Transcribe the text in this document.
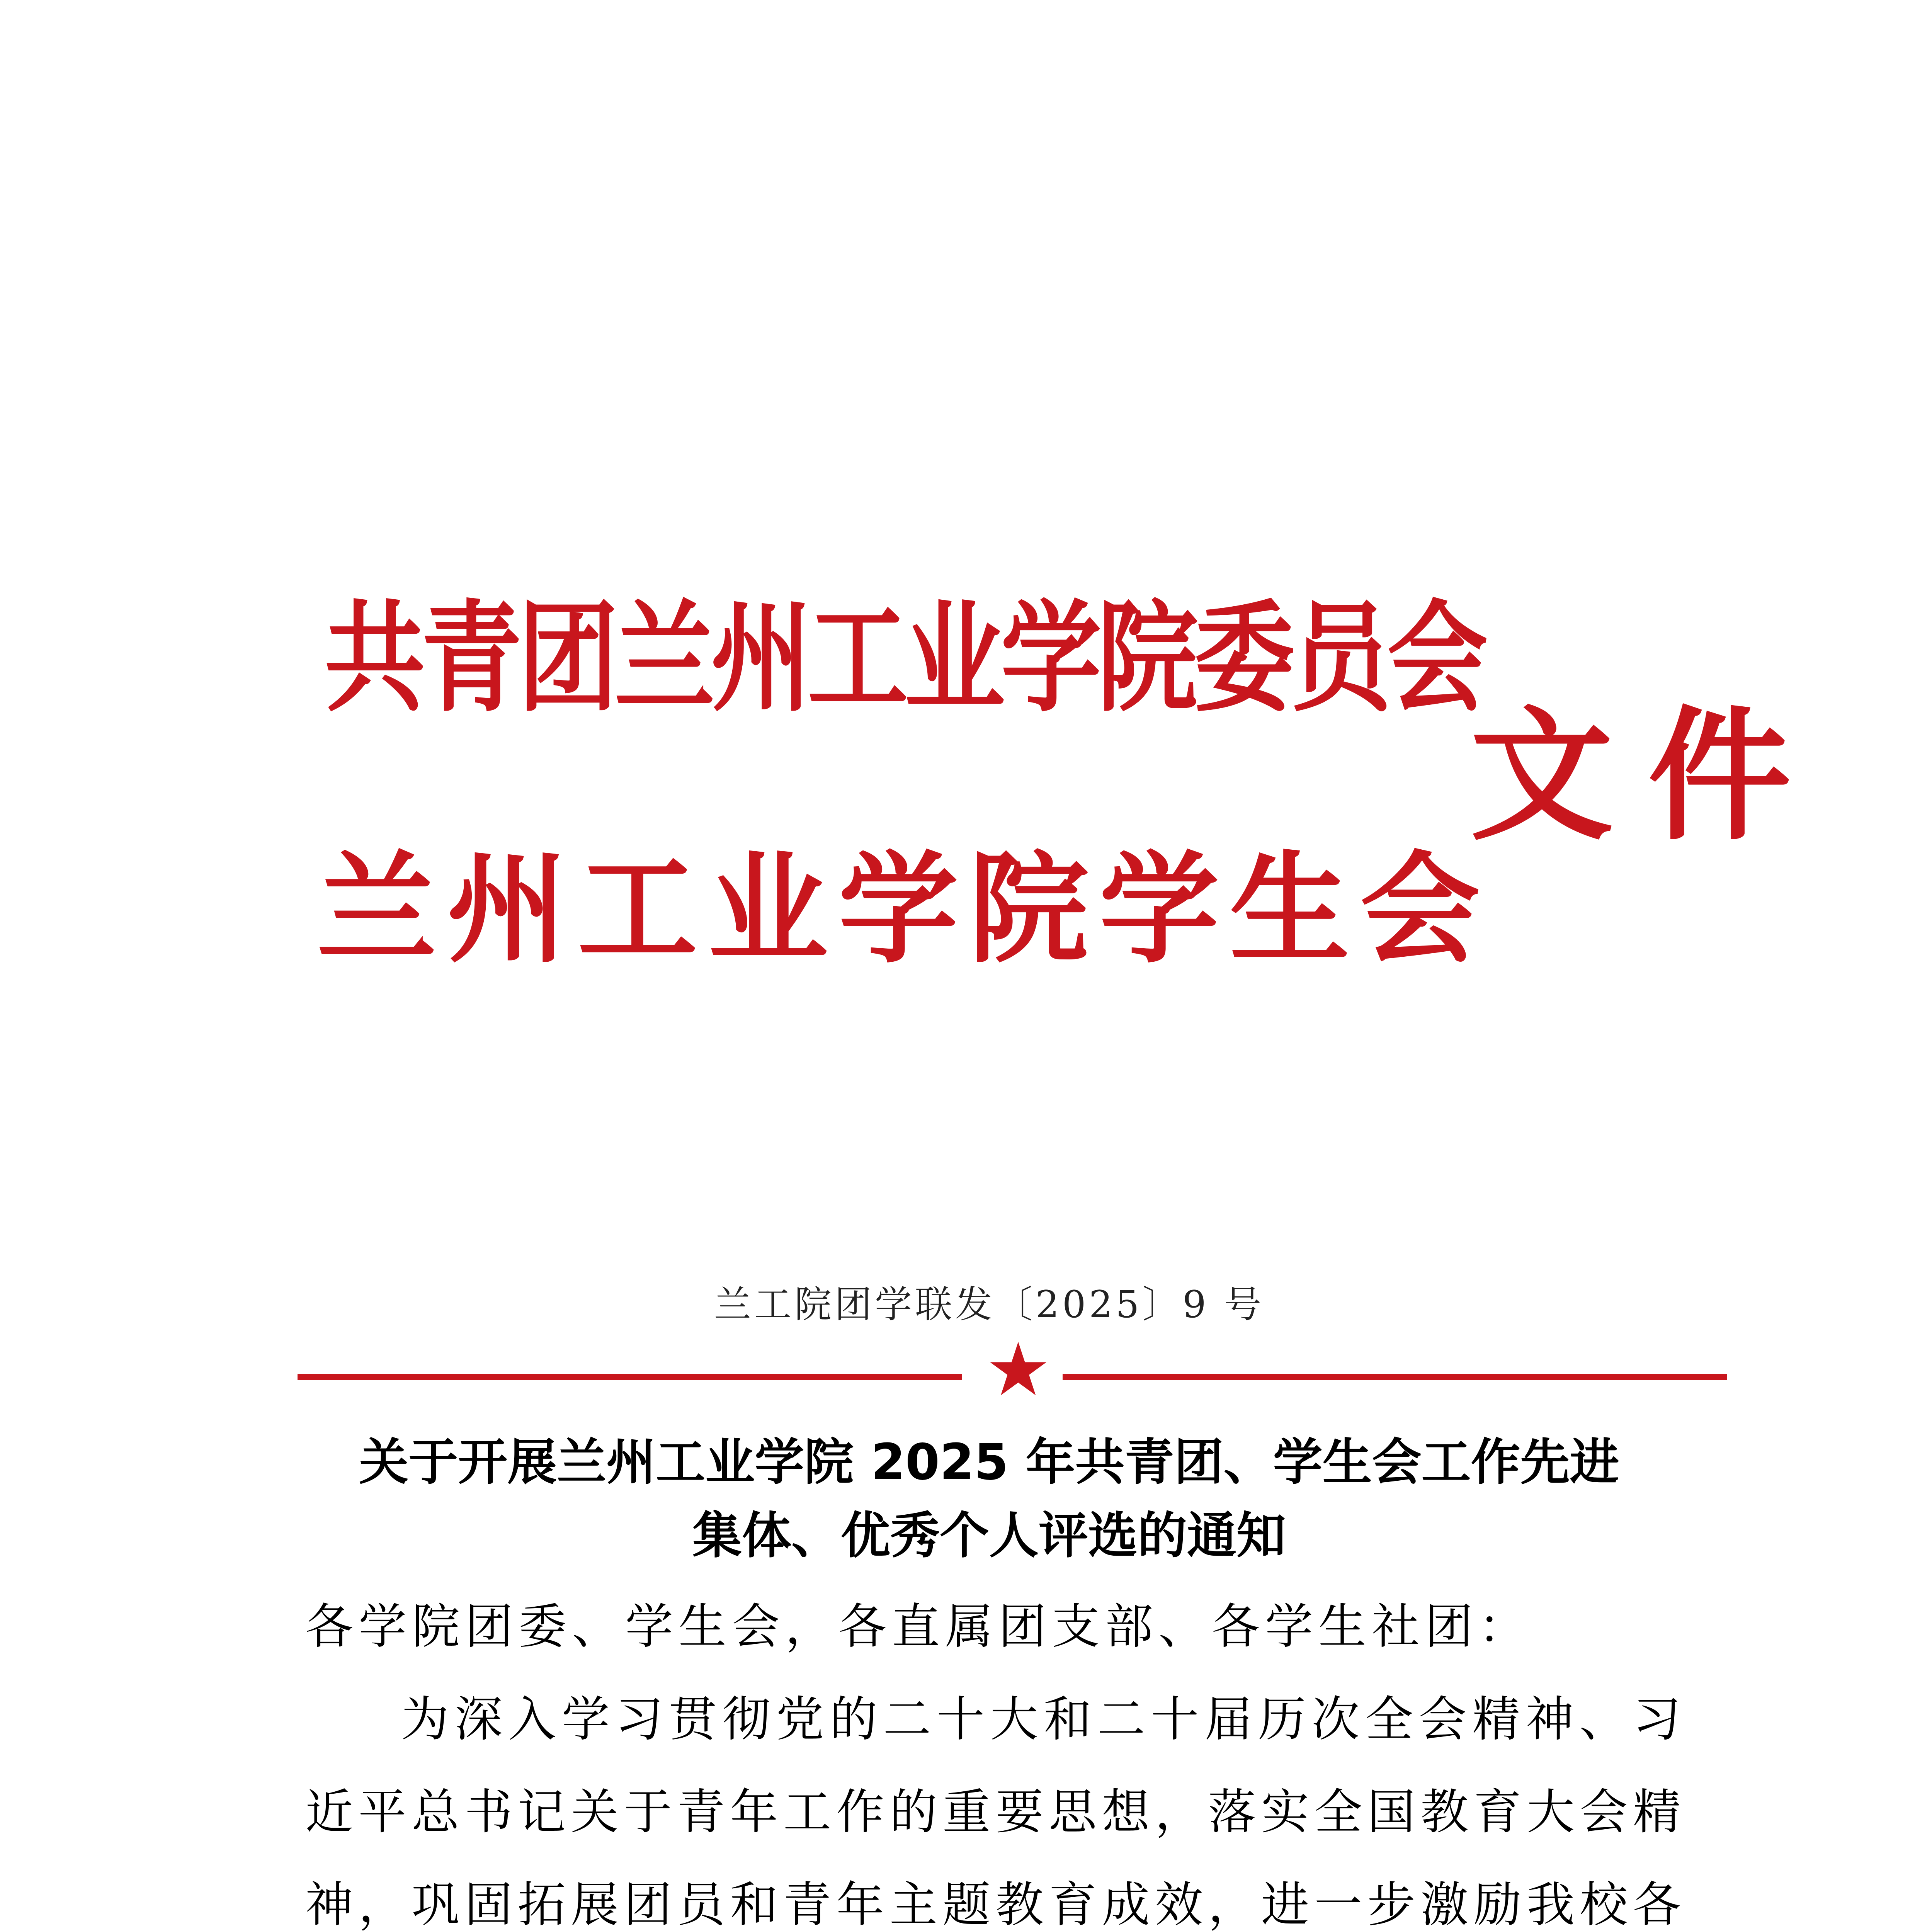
共
青
团
兰
州
工
业
学
院
委
员
会
兰 州 工 业 学 院 学 生 会
文 件
兰工院团学联发〔2025〕9 号
★
关于开展兰州工业学院 2025 年共青团、学生会工作先进
集体、优秀个人评选的通知
各学院团委、学生会，各直属团支部、各学生社团：
为深入学习贯彻党的二十大和二十届历次全会精神、习
近平总书记关于青年工作的重要思想，落实全国教育大会精
神，巩固拓展团员和青年主题教育成效，进一步激励我校各
